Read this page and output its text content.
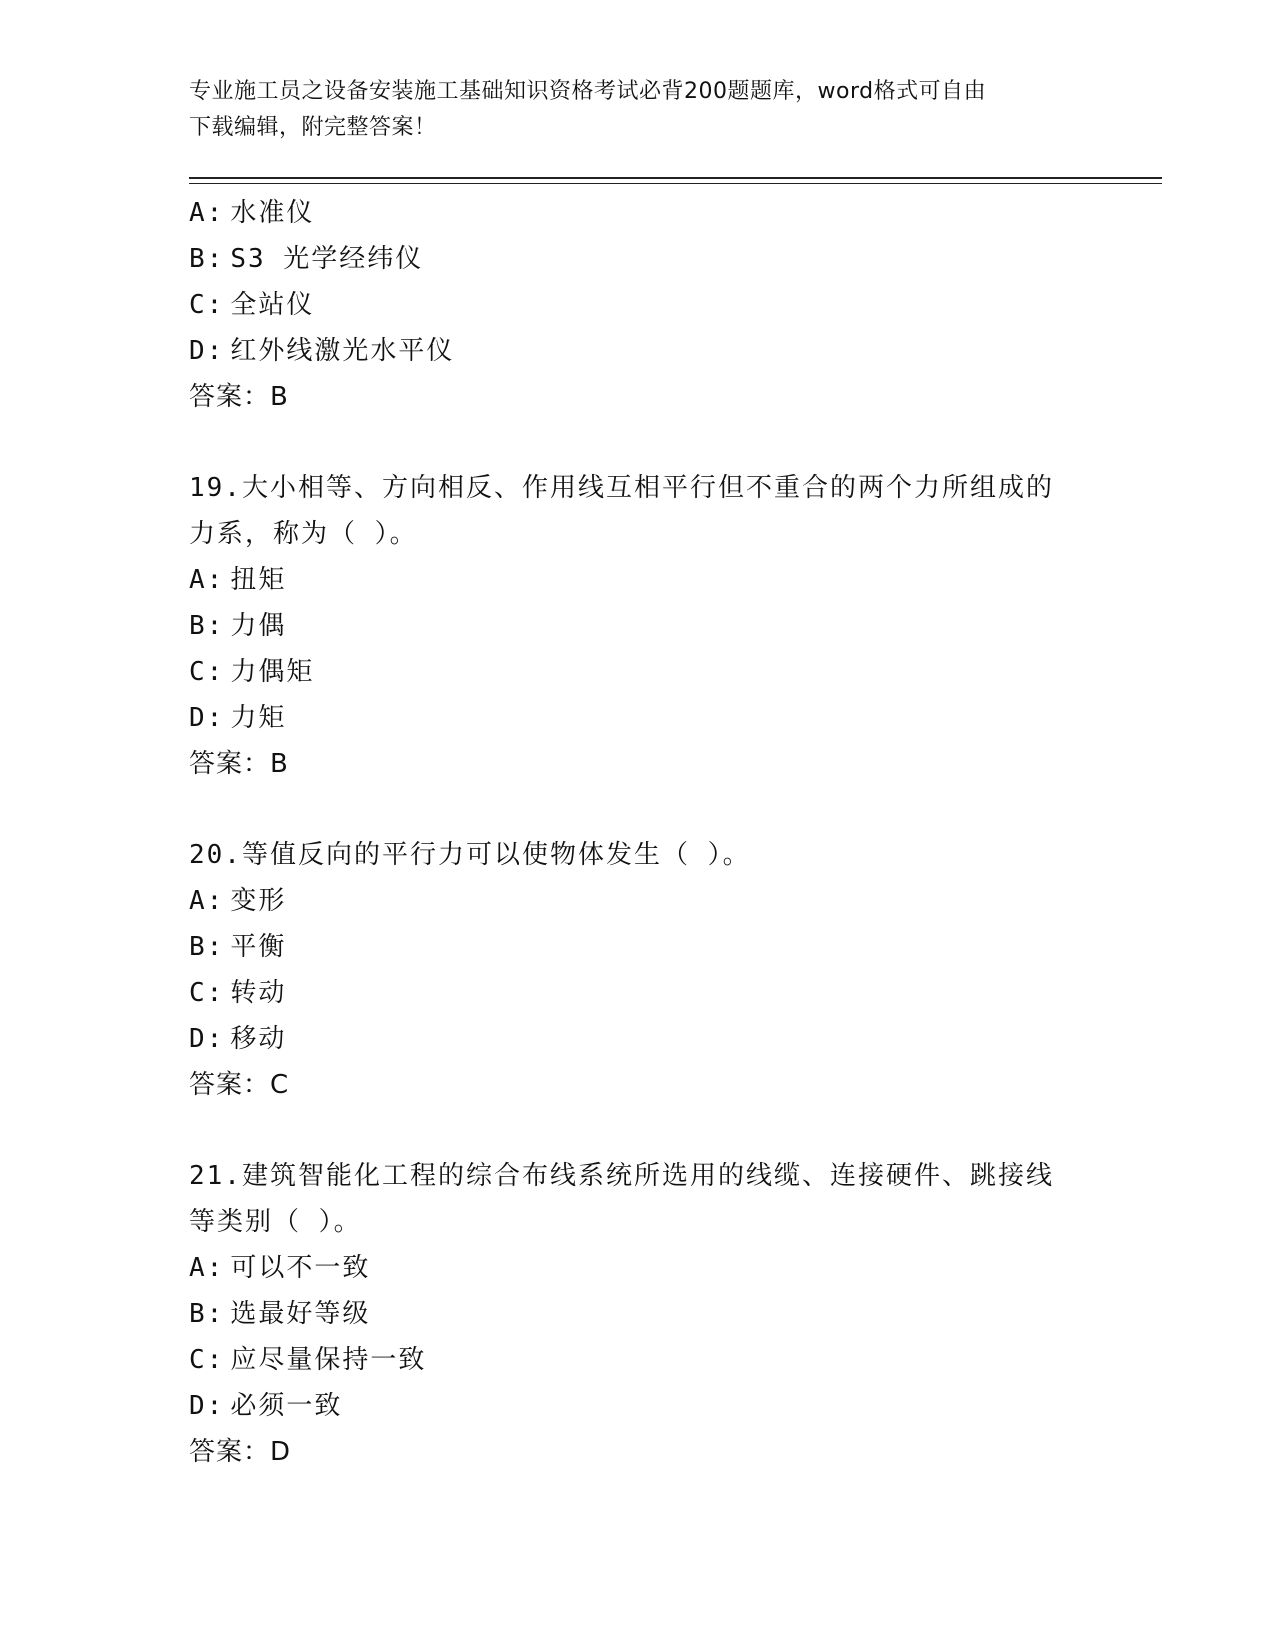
专业施工员之设备安装施工基础知识资格考试必背200题题库，word格式可自由
下载编辑，附完整答案！
A: 水准仪
B: S3 光学经纬仪
C: 全站仪
D: 红外线激光水平仪
答案：B
19.大小相等、方向相反、作用线互相平行但不重合的两个力所组成的
力系，称为（ ）。
A: 扭矩
B: 力偶
C: 力偶矩
D: 力矩
答案：B
20.等值反向的平行力可以使物体发生（ ）。
A: 变形
B: 平衡
C: 转动
D: 移动
答案：C
21.建筑智能化工程的综合布线系统所选用的线缆、连接硬件、跳接线
等类别（ ）。
A: 可以不一致
B: 选最好等级
C: 应尽量保持一致
D: 必须一致
答案：D
